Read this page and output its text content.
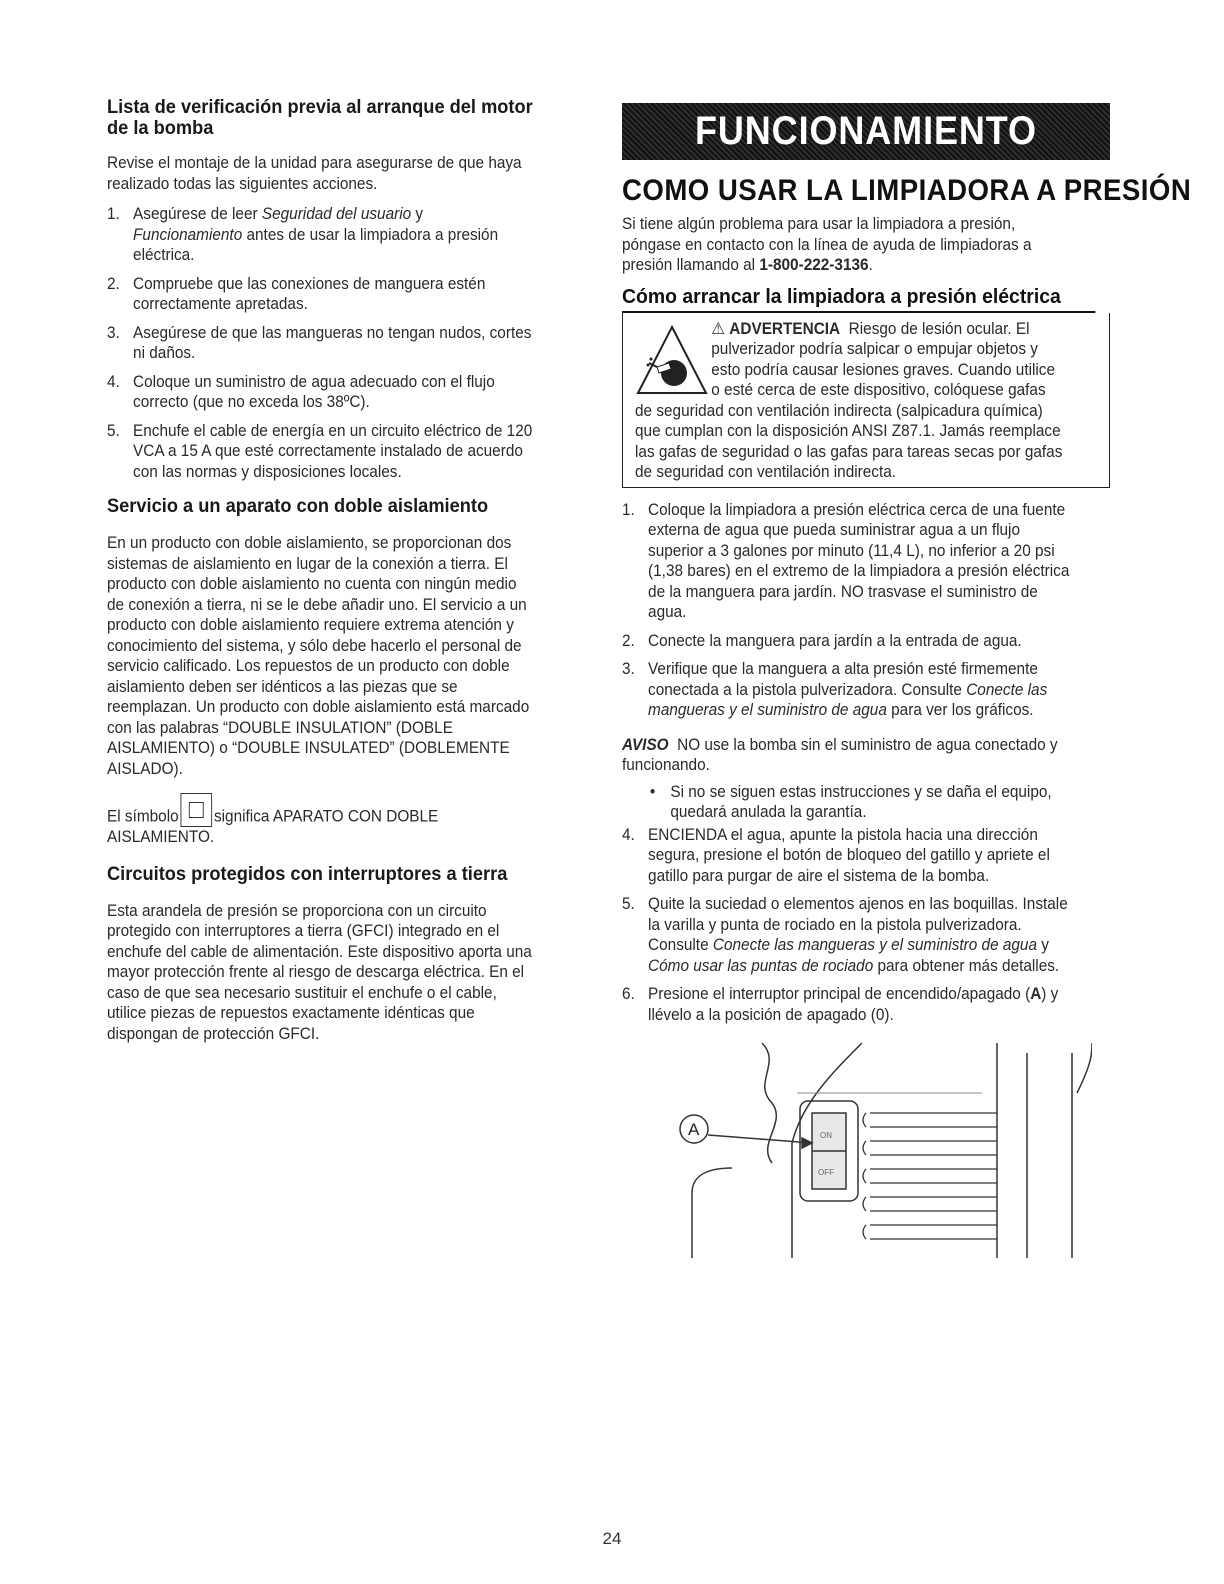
Lista de verificación previa al arranque del motor de la bomba

Revise el montaje de la unidad para asegurarse de que haya realizado todas las siguientes acciones.

1. Asegúrese de leer Seguridad del usuario y Funcionamiento antes de usar la limpiadora a presión eléctrica.
2. Compruebe que las conexiones de manguera estén correctamente apretadas.
3. Asegúrese de que las mangueras no tengan nudos, cortes ni daños.
4. Coloque un suministro de agua adecuado con el flujo correcto (que no exceda los 38ºC).
5. Enchufe el cable de energía en un circuito eléctrico de 120 VCA a 15 A que esté correctamente instalado de acuerdo con las normas y disposiciones locales.
Servicio a un aparato con doble aislamiento

En un producto con doble aislamiento, se proporcionan dos sistemas de aislamiento en lugar de la conexión a tierra. El producto con doble aislamiento no cuenta con ningún medio de conexión a tierra, ni se le debe añadir uno. El servicio a un producto con doble aislamiento requiere extrema atención y conocimiento del sistema, y sólo debe hacerlo el personal de servicio calificado. Los repuestos de un producto con doble aislamiento deben ser idénticos a las piezas que se reemplazan. Un producto con doble aislamiento está marcado con las palabras “DOUBLE INSULATION” (DOBLE AISLAMIENTO) o “DOUBLE INSULATED” (DOBLEMENTE AISLADO).

El símbolo significa APARATO CON DOBLE AISLAMIENTO.

Circuitos protegidos con interruptores a tierra

Esta arandela de presión se proporciona con un circuito protegido con interruptores a tierra (GFCI) integrado en el enchufe del cable de alimentación. Este dispositivo aporta una mayor protección frente al riesgo de descarga eléctrica. En el caso de que sea necesario sustituir el enchufe o el cable, utilice piezas de repuestos exactamente idénticas que dispongan de protección GFCI.

FUNCIONAMIENTO
COMO USAR LA LIMPIADORA A PRESIÓN

Si tiene algún problema para usar la limpiadora a presión, póngase en contacto con la línea de ayuda de limpiadoras a presión llamando al 1-800-222-3136.

Cómo arrancar la limpiadora a presión eléctrica
⚠ ADVERTENCIA Riesgo de lesión ocular. El pulverizador podría salpicar o empujar objetos y esto podría causar lesiones graves. Cuando utilice o esté cerca de este dispositivo, colóquese gafas de seguridad con ventilación indirecta (salpicadura química) que cumplan con la disposición ANSI Z87.1. Jamás reemplace las gafas de seguridad o las gafas para tareas secas por gafas de seguridad con ventilación indirecta.
1. Coloque la limpiadora a presión eléctrica cerca de una fuente externa de agua que pueda suministrar agua a un flujo superior a 3 galones por minuto (11,4 L), no inferior a 20 psi (1,38 bares) en el extremo de la limpiadora a presión eléctrica de la manguera para jardín. NO trasvase el suministro de agua.
2. Conecte la manguera para jardín a la entrada de agua.
3. Verifique que la manguera a alta presión esté firmemente conectada a la pistola pulverizadora. Consulte Conecte las mangueras y el suministro de agua para ver los gráficos.

AVISO NO use la bomba sin el suministro de agua conectado y funcionando.

• Si no se siguen estas instrucciones y se daña el equipo, quedará anulada la garantía.
4. ENCIENDA el agua, apunte la pistola hacia una dirección segura, presione el botón de bloqueo del gatillo y apriete el gatillo para purgar de aire el sistema de la bomba.
5. Quite la suciedad o elementos ajenos en las boquillas. Instale la varilla y punta de rociado en la pistola pulverizadora. Consulte Conecte las mangueras y el suministro de agua y Cómo usar las puntas de rociado para obtener más detalles.
6. Presione el interruptor principal de encendido/apagado (A) y llévelo a la posición de apagado (0).
A	ON
OFF
24
